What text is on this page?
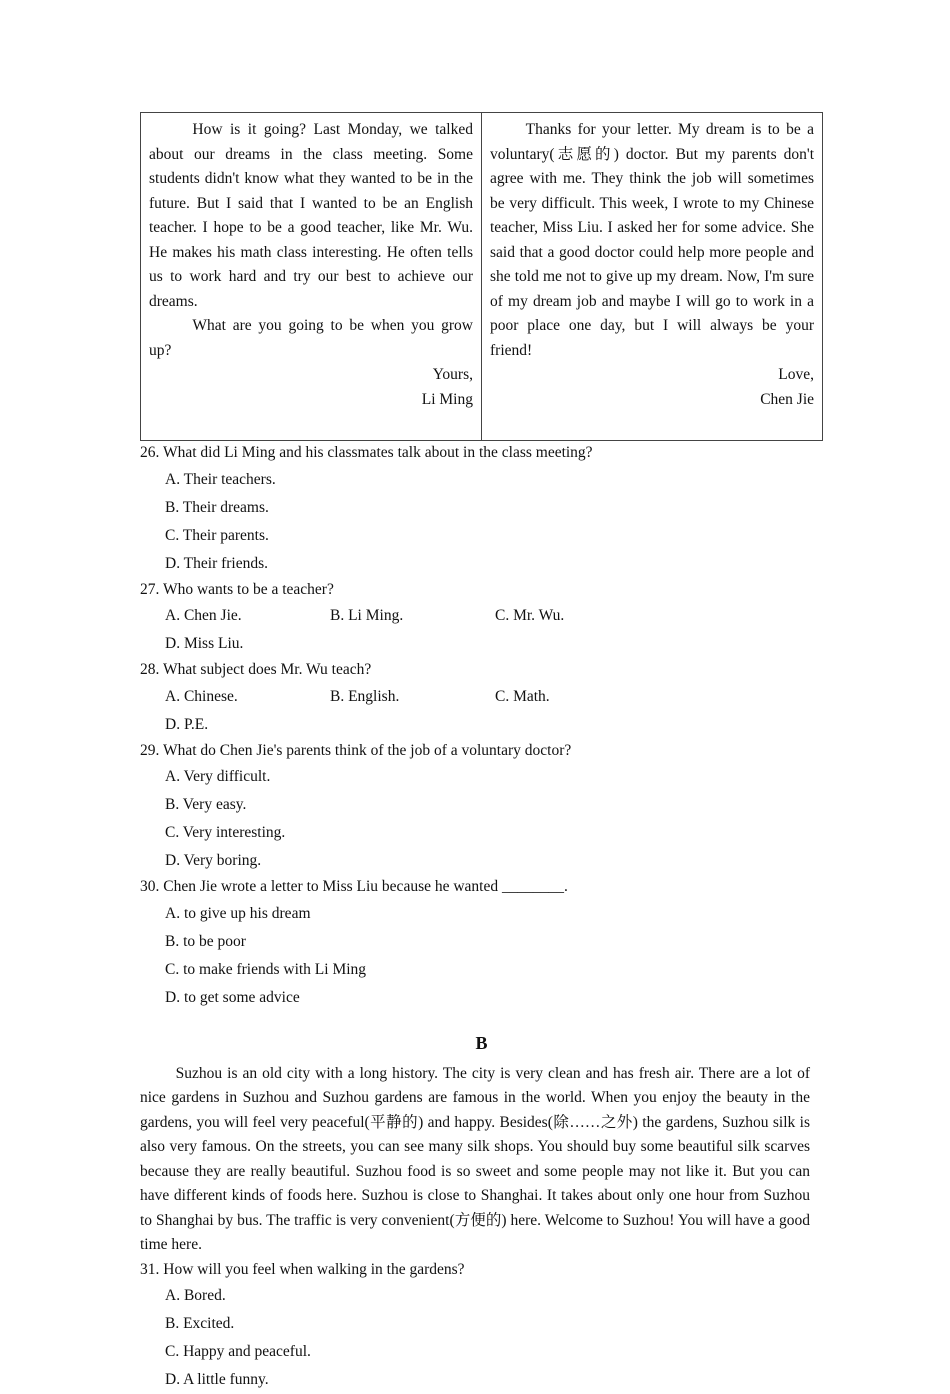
How is it going? Last Monday, we talked about our dreams in the class meeting. Some students didn't know what they wanted to be in the future. But I said that I wanted to be an English teacher. I hope to be a good teacher, like Mr. Wu. He makes his math class interesting. He often tells us to work hard and try our best to achieve our dreams.

What are you going to be when you grow up?

Yours,

Li Ming

Thanks for your letter. My dream is to be a voluntary(志愿的) doctor. But my parents don't agree with me. They think the job will sometimes be very difficult. This week, I wrote to my Chinese teacher, Miss Liu. I asked her for some advice. She said that a good doctor could help more people and she told me not to give up my dream. Now, I'm sure of my dream job and maybe I will go to work in a poor place one day, but I will always be your friend!

Love,

Chen Jie

26. What did Li Ming and his classmates talk about in the class meeting?

A. Their teachers.
B. Their dreams.
C. Their parents.
D. Their friends.

27. Who wants to be a teacher?

A. Chen Jie.	B. Li Ming.	C. Mr. Wu.
D. Miss Liu.

28. What subject does Mr. Wu teach?

A. Chinese.	B. English.	C. Math.
D. P.E.

29. What do Chen Jie's parents think of the job of a voluntary doctor?

A. Very difficult.
B. Very easy.
C. Very interesting.
D. Very boring.

30. Chen Jie wrote a letter to Miss Liu because he wanted ________.

A. to give up his dream
B. to be poor
C. to make friends with Li Ming
D. to get some advice
B

Suzhou is an old city with a long history. The city is very clean and has fresh air. There are a lot of nice gardens in Suzhou and Suzhou gardens are famous in the world. When you enjoy the beauty in the gardens, you will feel very peaceful(平静的) and happy. Besides(除……之外) the gardens, Suzhou silk is also very famous. On the streets, you can see many silk shops. You should buy some beautiful silk scarves because they are really beautiful. Suzhou food is so sweet and some people may not like it. But you can have different kinds of foods here. Suzhou is close to Shanghai. It takes about only one hour from Suzhou to Shanghai by bus. The traffic is very convenient(方便的) here. Welcome to Suzhou! You will have a good time here.

31. How will you feel when walking in the gardens?

A. Bored.
B. Excited.
C. Happy and peaceful.
D. A little funny.
